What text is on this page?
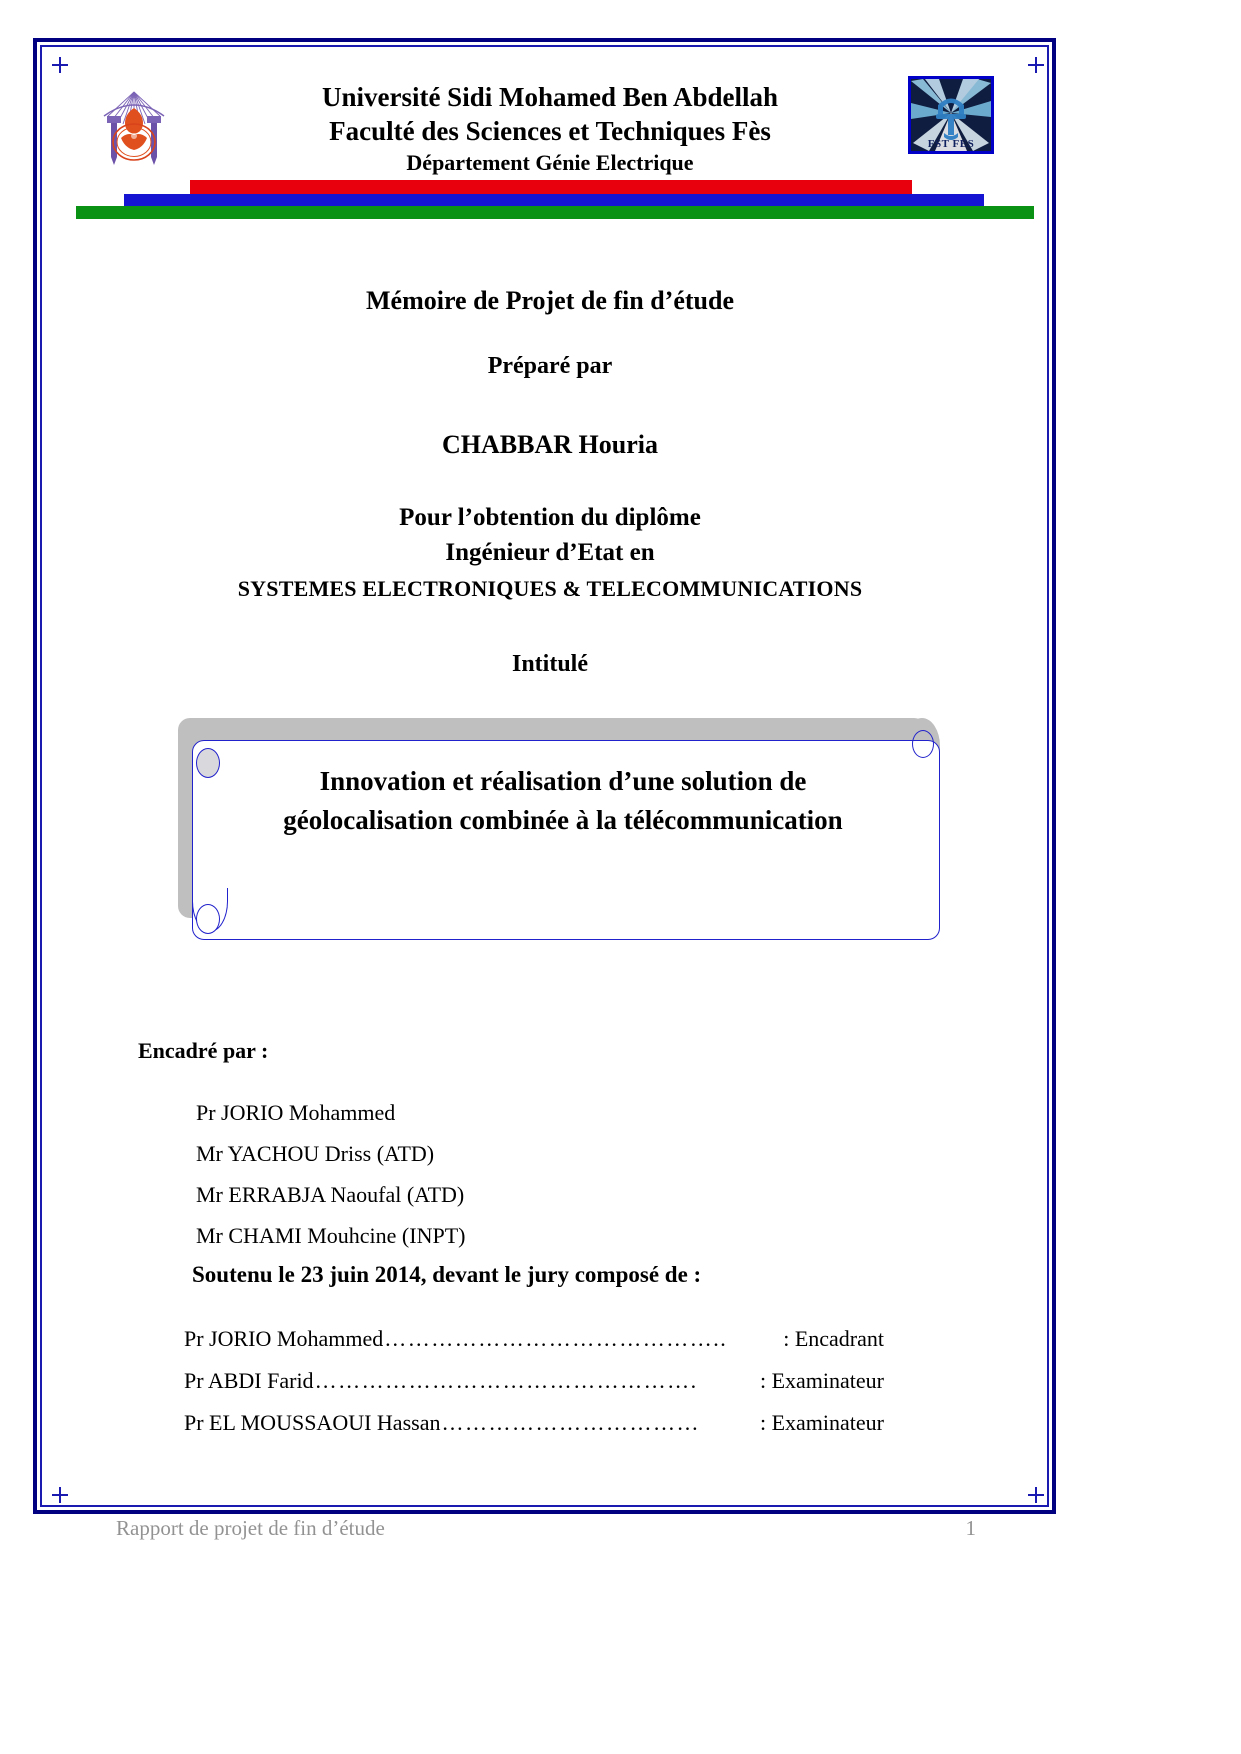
Université Sidi Mohamed Ben Abdellah
Faculté des Sciences et Techniques Fès
Département Génie Electrique
FST FES
Mémoire de Projet de fin d’étude
Préparé par
CHABBAR Houria
Pour l’obtention du diplôme
Ingénieur d’Etat en
SYSTEMES ELECTRONIQUES & TELECOMMUNICATIONS
Intitulé
Innovation et réalisation d’une solution de géolocalisation combinée à la télécommunication
Encadré par :
Pr JORIO Mohammed
Mr YACHOU Driss (ATD)
Mr ERRABJA Naoufal (ATD)
Mr CHAMI Mouhcine (INPT)
Soutenu le 23 juin 2014, devant le jury composé de :
Pr JORIO Mohammed ……………………………………..	: Encadrant
Pr ABDI Farid ………………………………………….	: Examinateur
Pr EL MOUSSAOUI Hassan ……………………………	: Examinateur
Rapport de projet de fin d’étude	1
